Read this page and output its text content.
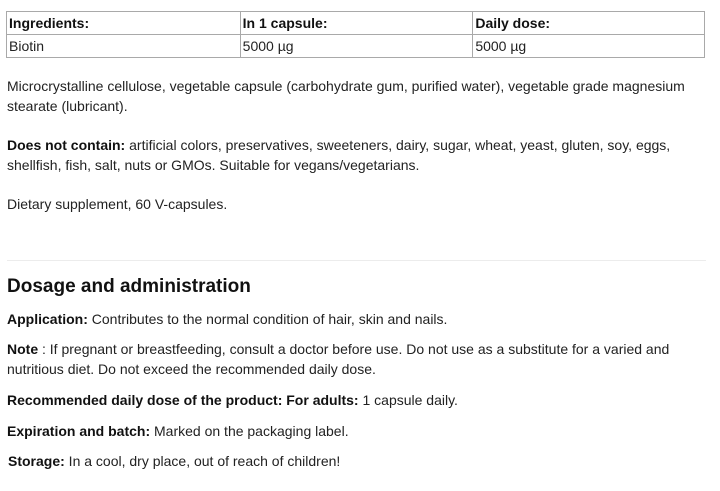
Ingredients:	In 1 capsule:	Daily dose:
Biotin	5000 µg	5000 µg

Microcrystalline cellulose, vegetable capsule (carbohydrate gum, purified water), vegetable grade magnesium stearate (lubricant).

Does not contain: artificial colors, preservatives, sweeteners, dairy, sugar, wheat, yeast, gluten, soy, eggs, shellfish, fish, salt, nuts or GMOs. Suitable for vegans/vegetarians.

Dietary supplement, 60 V-capsules.

Dosage and administration

Application: Contributes to the normal condition of hair, skin and nails.

Note : If pregnant or breastfeeding, consult a doctor before use. Do not use as a substitute for a varied and nutritious diet. Do not exceed the recommended daily dose.

Recommended daily dose of the product: For adults: 1 capsule daily.

Expiration and batch: Marked on the packaging label.

Storage: In a cool, dry place, out of reach of children!
